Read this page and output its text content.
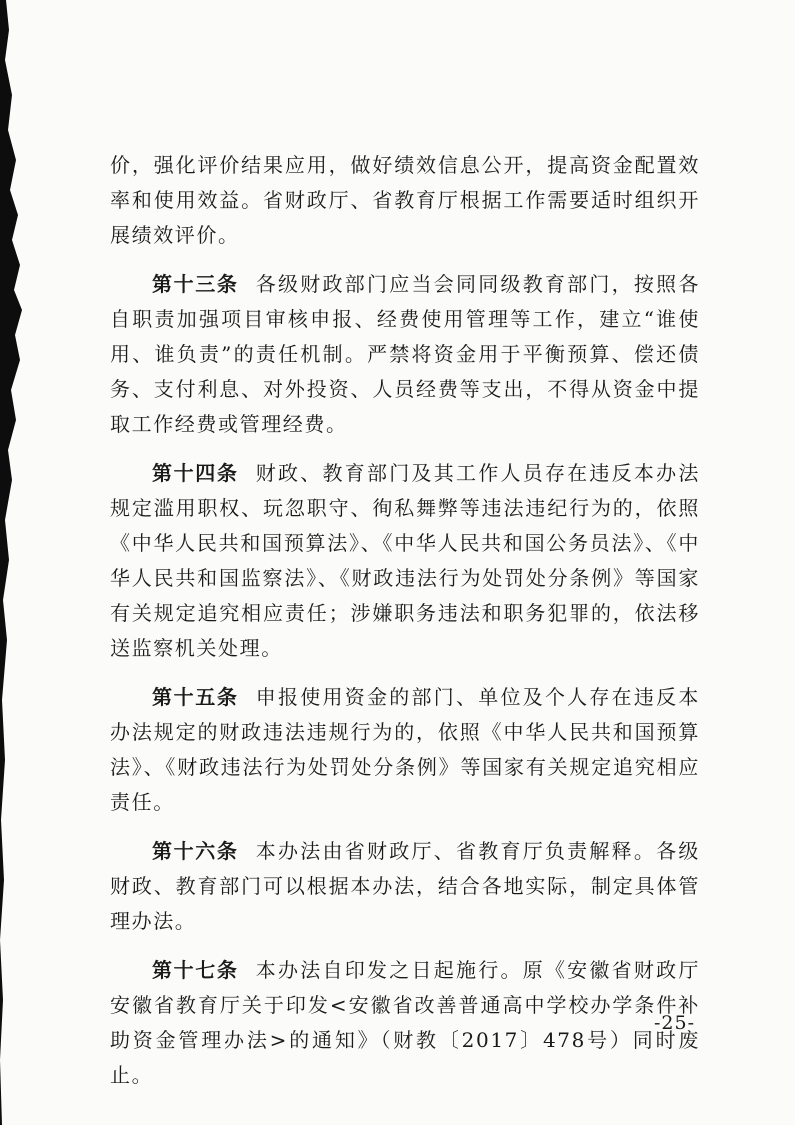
价，强化评价结果应用，做好绩效信息公开，提高资金配置效率和使用效益。省财政厅、省教育厅根据工作需要适时组织开展绩效评价。

第十三条 各级财政部门应当会同同级教育部门，按照各自职责加强项目审核申报、经费使用管理等工作，建立“谁使用、谁负责”的责任机制。严禁将资金用于平衡预算、偿还债务、支付利息、对外投资、人员经费等支出，不得从资金中提取工作经费或管理经费。

第十四条 财政、教育部门及其工作人员存在违反本办法规定滥用职权、玩忽职守、徇私舞弊等违法违纪行为的，依照《中华人民共和国预算法》、《中华人民共和国公务员法》、《中华人民共和国监察法》、《财政违法行为处罚处分条例》等国家有关规定追究相应责任；涉嫌职务违法和职务犯罪的，依法移送监察机关处理。

第十五条 申报使用资金的部门、单位及个人存在违反本办法规定的财政违法违规行为的，依照《中华人民共和国预算法》、《财政违法行为处罚处分条例》等国家有关规定追究相应责任。

第十六条 本办法由省财政厅、省教育厅负责解释。各级财政、教育部门可以根据本办法，结合各地实际，制定具体管理办法。

第十七条 本办法自印发之日起施行。原《安徽省财政厅 安徽省教育厅关于印发<安徽省改善普通高中学校办学条件补助资金管理办法>的通知》（财教〔2017〕478号）同时废止。

-25-
